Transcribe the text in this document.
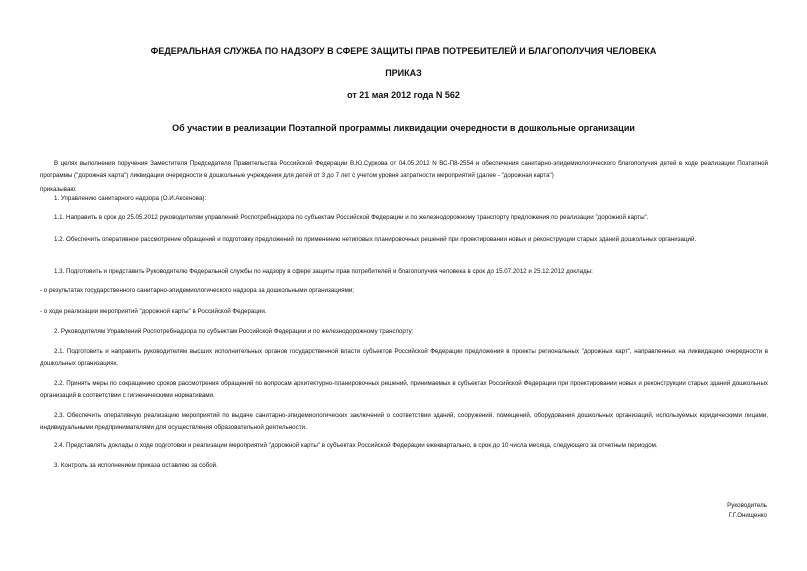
ФЕДЕРАЛЬНАЯ СЛУЖБА ПО НАДЗОРУ В СФЕРЕ ЗАЩИТЫ ПРАВ ПОТРЕБИТЕЛЕЙ И БЛАГОПОЛУЧИЯ ЧЕЛОВЕКА
ПРИКАЗ
от 21 мая 2012 года N 562
Об участии в реализации Поэтапной программы ликвидации очередности в дошкольные организации

В целях выполнения поручения Заместителя Председателя Правительства Российской Федерации В.Ю.Суркова от 04.05.2012 N ВС-П8-2554 и обеспечения санитарно-эпидемиологического благополучия детей в ходе реализации Поэтапной программы ("дорожная карта") ликвидации очередности в дошкольные учреждения для детей от 3 до 7 лет с учетом уровня затратности мероприятий (далее - "дорожная карта")

приказываю:

1. Управлению санитарного надзора (О.И.Аксенова):

1.1. Направить в срок до 25.05.2012 руководителям управлений Роспотребнадзора по субъектам Российской Федерации и по железнодорожному транспорту предложения по реализации "дорожной карты".

1.2. Обеспечить оперативное рассмотрение обращений и подготовку предложений по применению нетиповых планировочных решений при проектировании новых и реконструкции старых зданий дошкольных организаций.

1.3. Подготовить и представить Руководителю Федеральной службы по надзору в сфере защиты прав потребителей и благополучия человека в срок до 15.07.2012 и 25.12.2012 доклады:

- о результатах государственного санитарно-эпидемиологического надзора за дошкольными организациями;

- о ходе реализации мероприятий "дорожной карты" в Российской Федерации.

2. Руководителям Управлений Роспотребнадзора по субъектам Российской Федерации и по железнодорожному транспорту:

2.1. Подготовить и направить руководителям высших исполнительных органов государственной власти субъектов Российской Федерации предложения в проекты региональных "дорожных карт", направленных на ликвидацию очередности в дошкольных организациях.

2.2. Принять меры по сокращению сроков рассмотрения обращений по вопросам архитектурно-планировочных решений, принимаемых в субъектах Российской Федерации при проектировании новых и реконструкции старых зданий дошкольных организаций в соответствии с гигиеническими нормативами.

2.3. Обеспечить оперативную реализацию мероприятий по выдаче санитарно-эпидемиологических заключений о соответствии зданий, сооружений, помещений, оборудования дошкольных организаций, используемых юридическими лицами, индивидуальными предпринимателями для осуществления образовательной деятельности.

2.4. Представлять доклады о ходе подготовки и реализации мероприятий "дорожной карты" в субъектах Российской Федерации ежеквартально, в срок до 10 числа месяца, следующего за отчетным периодом.

3. Контроль за исполнением приказа оставляю за собой.

Руководитель
Г.Г.Онищенко
